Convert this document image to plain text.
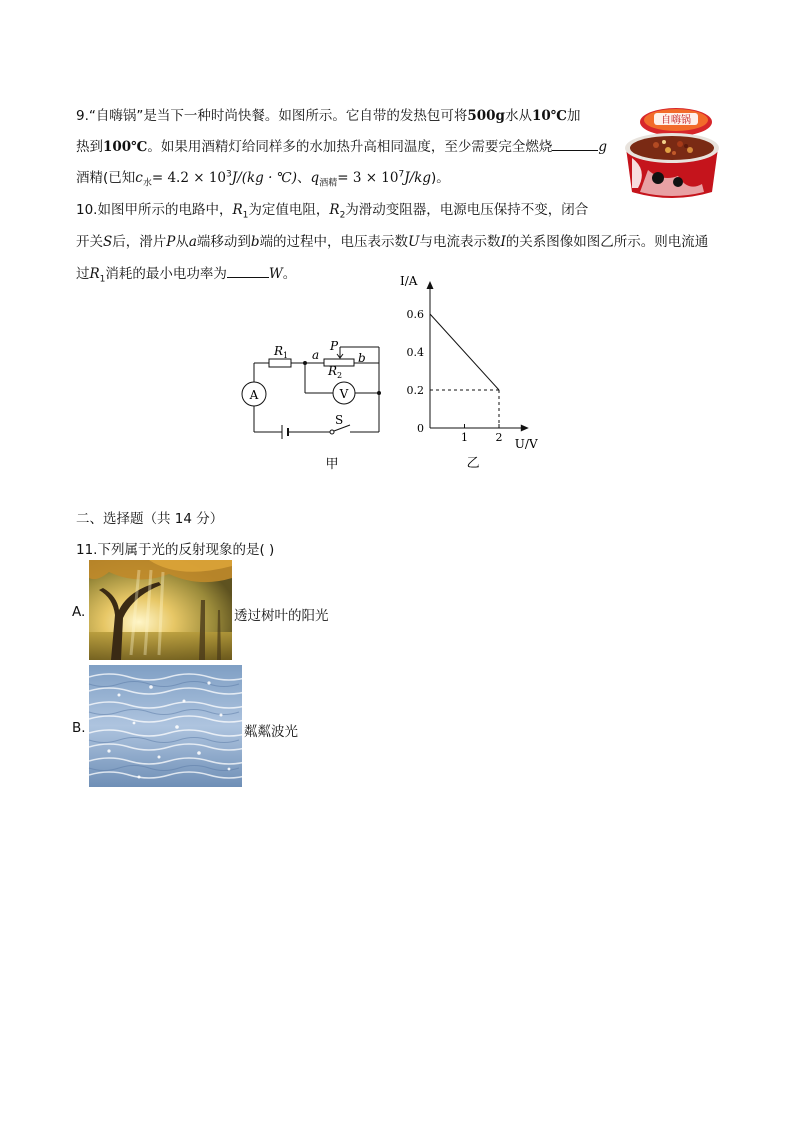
9.“自嗨锅”是当下一种时尚快餐。如图所示。它自带的发热包可将500g水从10℃加
热到100℃。如果用酒精灯给同样多的水加热升高相同温度，至少需要完全燃烧	g
酒精(已知$c_水= 4.2 \times 10^3J/(kg$ · ℃)、$q_{酒精}= 3 \times 10^7J/kg$)。
自嗨锅
10.如图甲所示的电路中，$R_1$为定值电阻，$R_2$为滑动变阻器，电源电压保持不变，闭合
开关S后，滑片P从a端移动到b端的过程中，电压表示数U与电流表示数I的关系图像如图乙所示。则电流通
过$R_1$消耗的最小电功率为	W。
$R_1$
$R_2$
a	b
P
A	V
S
甲
I/A
U/V
0.6
0.4
0.2
0
1	2
乙
二、选择题（共 14 分）
11.下列属于光的反射现象的是( )
A.	透过树叶的阳光
B.	粼粼波光
